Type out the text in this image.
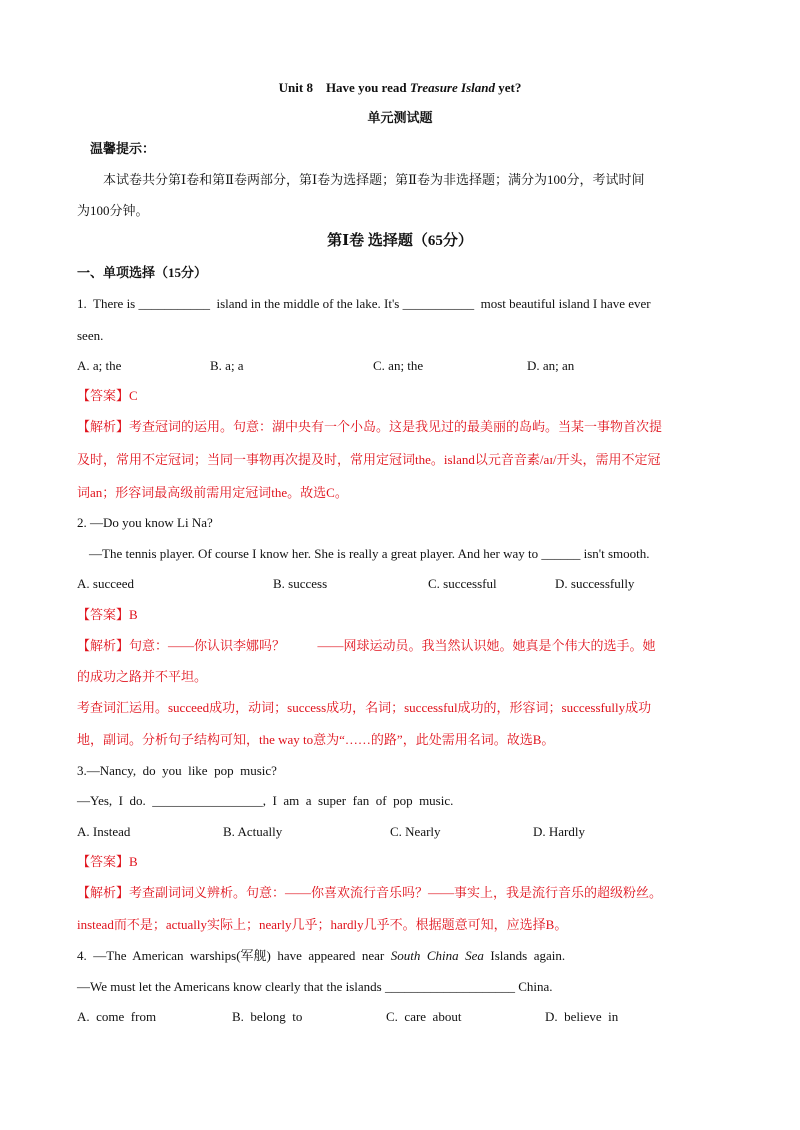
Unit 8    Have you read Treasure Island yet?
单元测试题
温馨提示：
本试卷共分第Ⅰ卷和第Ⅱ卷两部分，第Ⅰ卷为选择题；第Ⅱ卷为非选择题；满分为100分，考试时间
为100分钟。
第Ⅰ卷 选择题（65分）
一、单项选择（15分）
1.  There is ___________  island in the middle of the lake. It's ___________  most beautiful island I have ever
seen.
A. a; the	B. a; a	C. an; the	D. an; an
【答案】C
【解析】考查冠词的运用。句意：湖中央有一个小岛。这是我见过的最美丽的岛屿。当某一事物首次提
及时，常用不定冠词；当同一事物再次提及时，常用定冠词the。island以元音音素/aɪ/开头，需用不定冠
词an；形容词最高级前需用定冠词the。故选C。
2. —Do you know Li Na?
—The tennis player. Of course I know her. She is really a great player. And her way to ______ isn't smooth.
A. succeed	B. success	C. successful	D. successfully
【答案】B
【解析】句意：——你认识李娜吗？          ——网球运动员。我当然认识她。她真是个伟大的选手。她
的成功之路并不平坦。
考查词汇运用。succeed成功，动词；success成功，名词；successful成功的，形容词；successfully成功
地，副词。分析句子结构可知，the way to意为“……的路”，此处需用名词。故选B。
3.—Nancy,  do  you  like  pop  music?
—Yes,  I  do.  _________________,  I  am  a  super  fan  of  pop  music.
A. Instead	B. Actually	C. Nearly	D. Hardly
【答案】B
【解析】考查副词词义辨析。句意：——你喜欢流行音乐吗？——事实上，我是流行音乐的超级粉丝。
instead而不是；actually实际上；nearly几乎；hardly几乎不。根据题意可知，应选择B。
4.  —The  American  warships(军舰)  have  appeared  near  South  China  Sea  Islands  again.
—We must let the Americans know clearly that the islands ____________________ China.
A.  come  from	B.  belong  to	C.  care  about	D.  believe  in
